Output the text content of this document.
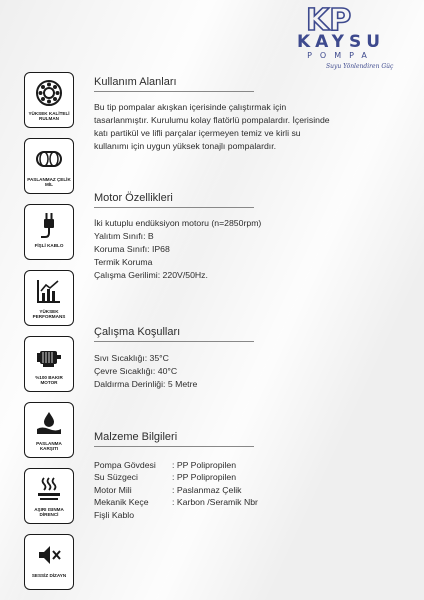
KP
KAYSU
POMPA
Suyu Yönlendiren Güç
YÜKSEK KALİTELİ RULMAN
PASLANMAZ ÇELİK MİL
FİŞLİ KABLO
YÜKSEK PERFORMANS
%100 BAKIR MOTOR
PASLANMA KARŞITI
AŞIRI ISINMA DİRENCİ
SESSİZ DİZAYN
Kullanım Alanları
Bu tip pompalar akışkan içerisinde çalıştırmak için
tasarlanmıştır. Kurulumu kolay flatörlü pompalardır. İçerisinde
katı partikül ve lifli parçalar içermeyen temiz ve kirli su
kullanımı için uygun yüksek tonajlı pompalardır.
Motor Özellikleri
İki kutuplu endüksiyon motoru (n=2850rpm)
Yalıtım Sınıfı: B
Koruma Sınıfı: IP68
Termik Koruma
Çalışma Gerilimi: 220V/50Hz.
Çalışma Koşulları
Sıvı Sıcaklığı: 35°C
Çevre Sıcaklığı: 40°C
Daldırma Derinliği: 5 Metre
Malzeme Bilgileri
Pompa Gövdesi	: PP Polipropilen
Su Süzgeci	: PP Polipropilen
Motor Mili	: Paslanmaz Çelik
Mekanik Keçe	: Karbon /Seramik Nbr
Fişli Kablo
